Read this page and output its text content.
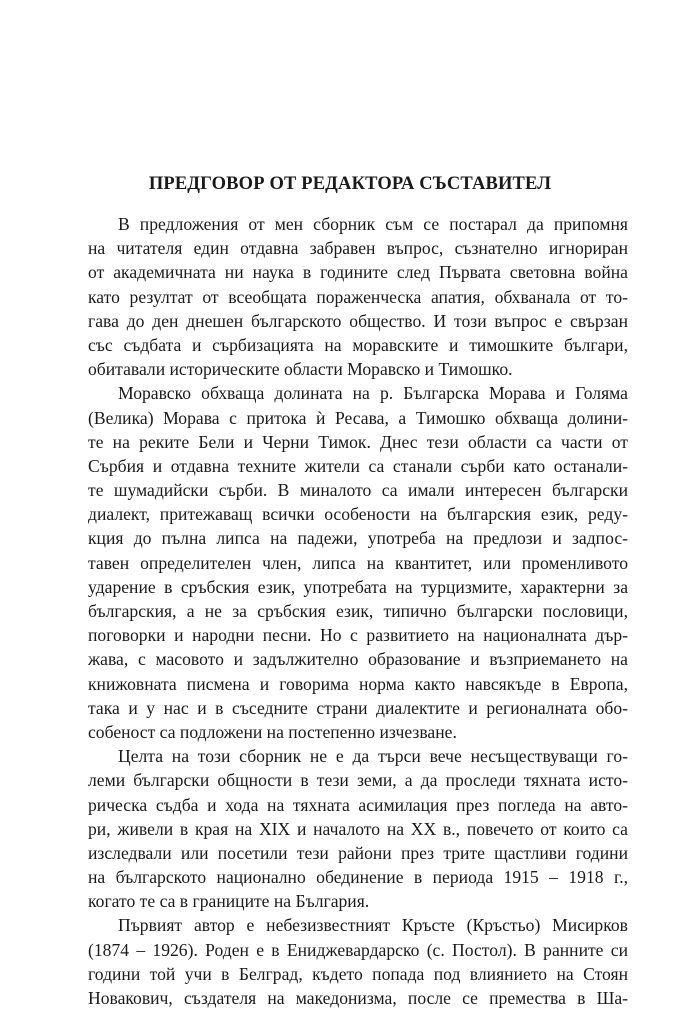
ПРЕДГОВОР ОТ РЕДАКТОРА СЪСТАВИТЕЛ
В предложения от мен сборник съм се постарал да припомня
на читателя един отдавна забравен въпрос, съзнателно игнориран
от академичната ни наука в годините след Първата световна война
като резултат от всеобщата пораженческа апатия, обхванала от то-
гава до ден днешен българското общество. И този въпрос е свързан
със съдбата и сърбизацията на моравските и тимошките българи,
обитавали историческите области Моравско и Тимошко.
Моравско обхваща долината на р. Българска Морава и Голяма
(Велика) Морава с притока ѝ Ресава, а Тимошко обхваща долини-
те на реките Бели и Черни Тимок. Днес тези области са части от
Сърбия и отдавна техните жители са станали сърби като останали-
те шумадийски сърби. В миналото са имали интересен български
диалект, притежаващ всички особености на българския език, реду-
кция до пълна липса на падежи, употреба на предлози и задпос-
тавен определителен член, липса на квантитет, или променливото
ударение в сръбския език, употребата на турцизмите, характерни за
българския, а не за сръбския език, типично български пословици,
поговорки и народни песни. Но с развитието на националната дър-
жава, с масовото и задължително образование и възприемането на
книжовната писмена и говорима норма както навсякъде в Европа,
така и у нас и в съседните страни диалектите и регионалната обо-
собеност са подложени на постепенно изчезване.
Целта на този сборник не е да търси вече несъществуващи го-
леми български общности в тези земи, а да проследи тяхната исто-
рическа съдба и хода на тяхната асимилация през погледа на авто-
ри, живели в края на XIX и началото на XX в., повечето от които са
изследвали или посетили тези райони през трите щастливи години
на българското национално обединение в периода 1915 – 1918 г.,
когато те са в границите на България.
Първият автор е небезизвестният Кръсте (Кръстьо) Мисирков
(1874 – 1926). Роден е в Ениджевардарско (с. Постол). В ранните си
години той учи в Белград, където попада под влиянието на Стоян
Новакович, създателя на македонизма, после се премества в Ша-
